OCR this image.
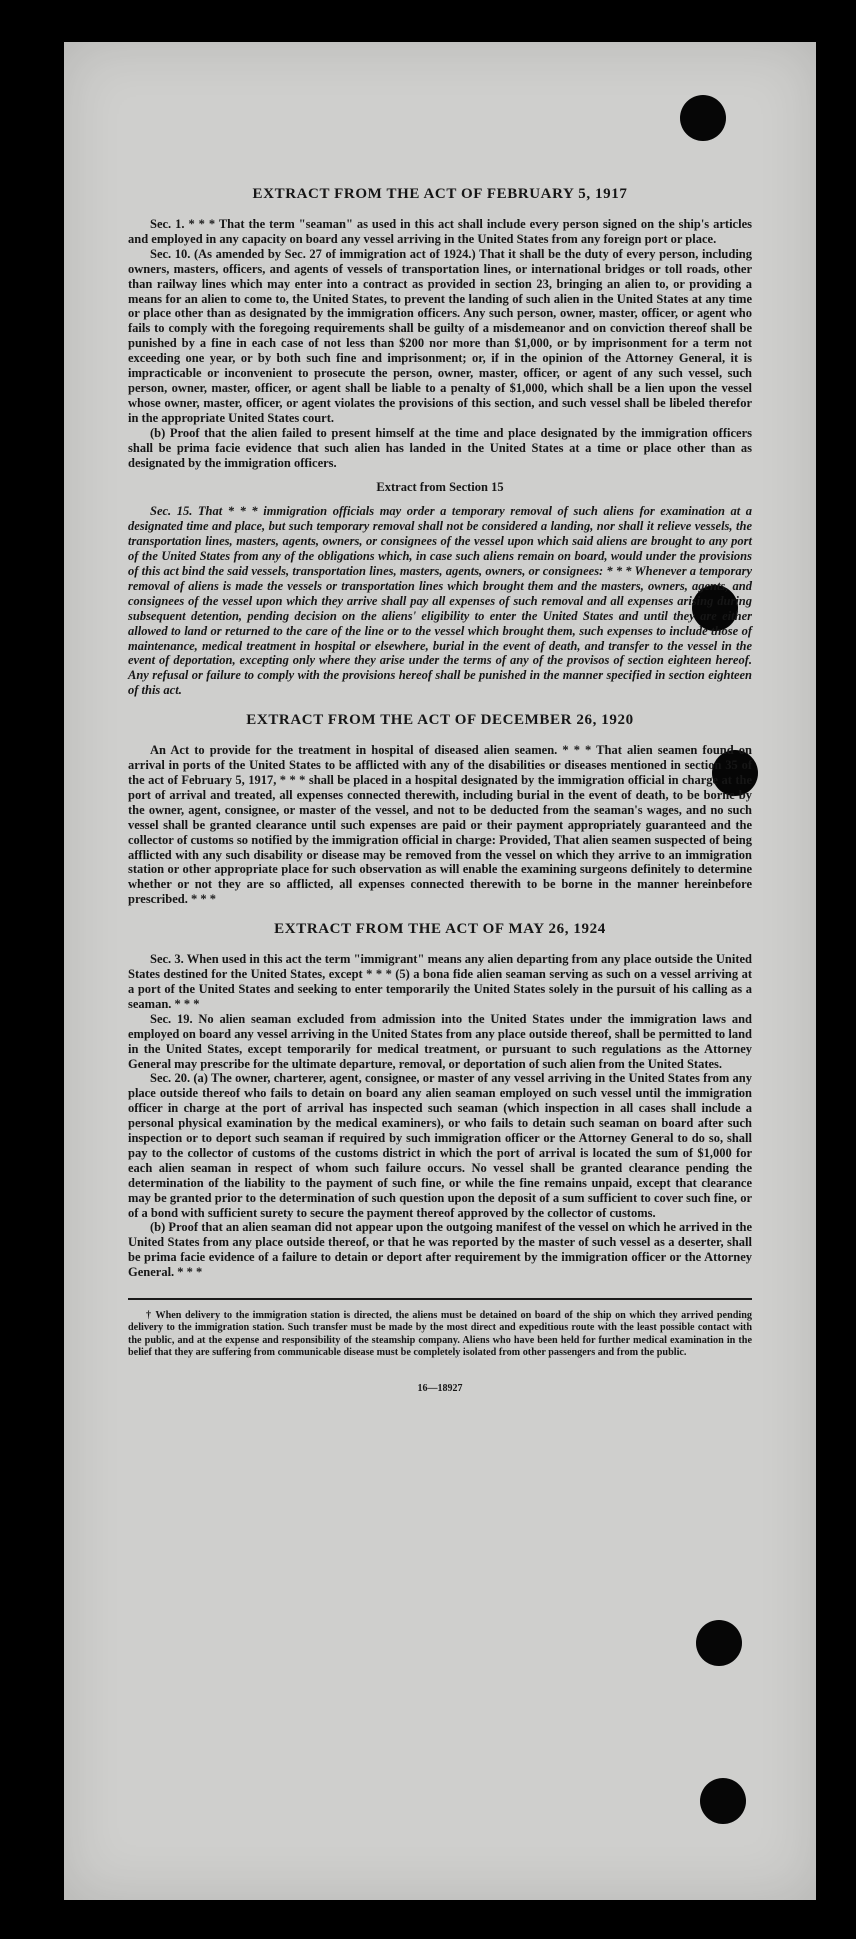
EXTRACT FROM THE ACT OF FEBRUARY 5, 1917

Sec. 1. * * * That the term "seaman" as used in this act shall include every person signed on the ship's articles and employed in any capacity on board any vessel arriving in the United States from any foreign port or place.

Sec. 10. (As amended by Sec. 27 of immigration act of 1924.) That it shall be the duty of every person, including owners, masters, officers, and agents of vessels of transportation lines, or international bridges or toll roads, other than railway lines which may enter into a contract as provided in section 23, bringing an alien to, or providing a means for an alien to come to, the United States, to prevent the landing of such alien in the United States at any time or place other than as designated by the immigration officers. Any such person, owner, master, officer, or agent who fails to comply with the foregoing requirements shall be guilty of a misdemeanor and on conviction thereof shall be punished by a fine in each case of not less than $200 nor more than $1,000, or by imprisonment for a term not exceeding one year, or by both such fine and imprisonment; or, if in the opinion of the Attorney General, it is impracticable or inconvenient to prosecute the person, owner, master, officer, or agent of any such vessel, such person, owner, master, officer, or agent shall be liable to a penalty of $1,000, which shall be a lien upon the vessel whose owner, master, officer, or agent violates the provisions of this section, and such vessel shall be libeled therefor in the appropriate United States court.

(b) Proof that the alien failed to present himself at the time and place designated by the immigration officers shall be prima facie evidence that such alien has landed in the United States at a time or place other than as designated by the immigration officers.

Extract from Section 15

Sec. 15. That * * * immigration officials may order a temporary removal of such aliens for examination at a designated time and place, but such temporary removal shall not be considered a landing, nor shall it relieve vessels, the transportation lines, masters, agents, owners, or consignees of the vessel upon which said aliens are brought to any port of the United States from any of the obligations which, in case such aliens remain on board, would under the provisions of this act bind the said vessels, transportation lines, masters, agents, owners, or consignees: * * * Whenever a temporary removal of aliens is made the vessels or transportation lines which brought them and the masters, owners, agents, and consignees of the vessel upon which they arrive shall pay all expenses of such removal and all expenses arising during subsequent detention, pending decision on the aliens' eligibility to enter the United States and until they are either allowed to land or returned to the care of the line or to the vessel which brought them, such expenses to include those of maintenance, medical treatment in hospital or elsewhere, burial in the event of death, and transfer to the vessel in the event of deportation, excepting only where they arise under the terms of any of the provisos of section eighteen hereof. Any refusal or failure to comply with the provisions hereof shall be punished in the manner specified in section eighteen of this act.

EXTRACT FROM THE ACT OF DECEMBER 26, 1920

An Act to provide for the treatment in hospital of diseased alien seamen. * * * That alien seamen found on arrival in ports of the United States to be afflicted with any of the disabilities or diseases mentioned in section 35 of the act of February 5, 1917, * * * shall be placed in a hospital designated by the immigration official in charge at the port of arrival and treated, all expenses connected therewith, including burial in the event of death, to be borne by the owner, agent, consignee, or master of the vessel, and not to be deducted from the seaman's wages, and no such vessel shall be granted clearance until such expenses are paid or their payment appropriately guaranteed and the collector of customs so notified by the immigration official in charge: Provided, That alien seamen suspected of being afflicted with any such disability or disease may be removed from the vessel on which they arrive to an immigration station or other appropriate place for such observation as will enable the examining surgeons definitely to determine whether or not they are so afflicted, all expenses connected therewith to be borne in the manner hereinbefore prescribed. * * *

EXTRACT FROM THE ACT OF MAY 26, 1924

Sec. 3. When used in this act the term "immigrant" means any alien departing from any place outside the United States destined for the United States, except * * * (5) a bona fide alien seaman serving as such on a vessel arriving at a port of the United States and seeking to enter temporarily the United States solely in the pursuit of his calling as a seaman. * * *

Sec. 19. No alien seaman excluded from admission into the United States under the immigration laws and employed on board any vessel arriving in the United States from any place outside thereof, shall be permitted to land in the United States, except temporarily for medical treatment, or pursuant to such regulations as the Attorney General may prescribe for the ultimate departure, removal, or deportation of such alien from the United States.

Sec. 20. (a) The owner, charterer, agent, consignee, or master of any vessel arriving in the United States from any place outside thereof who fails to detain on board any alien seaman employed on such vessel until the immigration officer in charge at the port of arrival has inspected such seaman (which inspection in all cases shall include a personal physical examination by the medical examiners), or who fails to detain such seaman on board after such inspection or to deport such seaman if required by such immigration officer or the Attorney General to do so, shall pay to the collector of customs of the customs district in which the port of arrival is located the sum of $1,000 for each alien seaman in respect of whom such failure occurs. No vessel shall be granted clearance pending the determination of the liability to the payment of such fine, or while the fine remains unpaid, except that clearance may be granted prior to the determination of such question upon the deposit of a sum sufficient to cover such fine, or of a bond with sufficient surety to secure the payment thereof approved by the collector of customs.

(b) Proof that an alien seaman did not appear upon the outgoing manifest of the vessel on which he arrived in the United States from any place outside thereof, or that he was reported by the master of such vessel as a deserter, shall be prima facie evidence of a failure to detain or deport after requirement by the immigration officer or the Attorney General. * * *

† When delivery to the immigration station is directed, the aliens must be detained on board of the ship on which they arrived pending delivery to the immigration station. Such transfer must be made by the most direct and expeditious route with the least possible contact with the public, and at the expense and responsibility of the steamship company. Aliens who have been held for further medical examination in the belief that they are suffering from communicable disease must be completely isolated from other passengers and from the public.

16—18927
